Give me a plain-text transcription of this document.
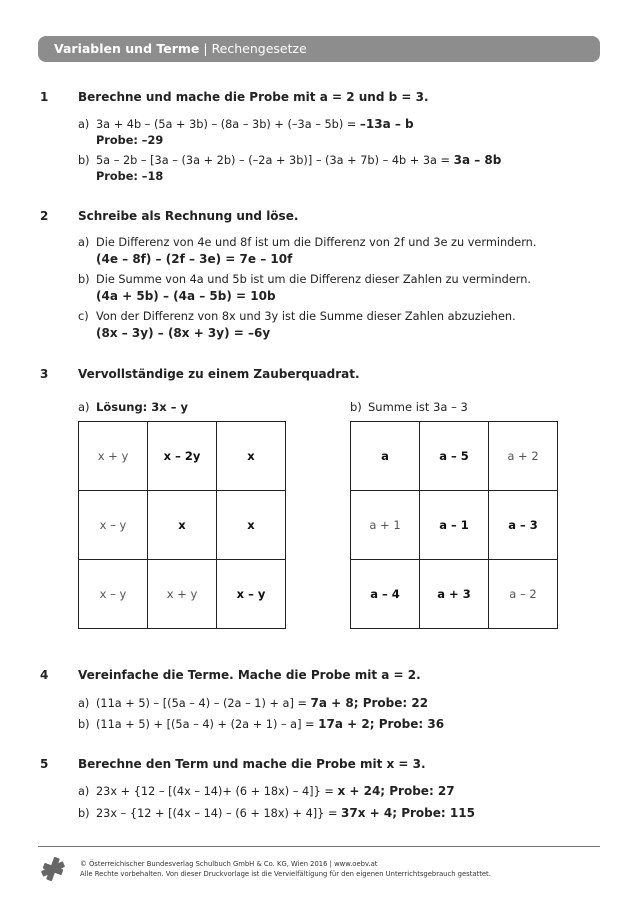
Variablen und Terme | Rechengesetze
1 Berechne und mache die Probe mit a = 2 und b = 3.
a) 3a + 4b – (5a + 3b) – (8a – 3b) + (–3a – 5b) = –13a – b
Probe: –29
b) 5a – 2b – [3a – (3a + 2b) – (–2a + 3b)] – (3a + 7b) – 4b + 3a = 3a – 8b
Probe: –18
2 Schreibe als Rechnung und löse.
a) Die Differenz von 4e und 8f ist um die Differenz von 2f und 3e zu vermindern.
(4e – 8f) – (2f – 3e) = 7e – 10f
b) Die Summe von 4a und 5b ist um die Differenz dieser Zahlen zu vermindern.
(4a + 5b) – (4a – 5b) = 10b
c) Von der Differenz von 8x und 3y ist die Summe dieser Zahlen abzuziehen.
(8x – 3y) – (8x + 3y) = –6y
3 Vervollständige zu einem Zauberquadrat.
a) Lösung: 3x – y	b) Summe ist 3a – 3
x + y	x – 2y	x
x – y	x	x
x – y	x + y	x – y
a	a – 5	a + 2
a + 1	a – 1	a – 3
a – 4	a + 3	a – 2
4 Vereinfache die Terme. Mache die Probe mit a = 2.
a) (11a + 5) – [(5a – 4) – (2a – 1) + a] = 7a + 8; Probe: 22
b) (11a + 5) + [(5a – 4) + (2a + 1) – a] = 17a + 2; Probe: 36
5 Berechne den Term und mache die Probe mit x = 3.
a) 23x + {12 – [(4x – 14)+ (6 + 18x) – 4]} = x + 24; Probe: 27
b) 23x – {12 + [(4x – 14) – (6 + 18x) + 4]} = 37x + 4; Probe: 115
© Österreichischer Bundesverlag Schulbuch GmbH & Co. KG, Wien 2016 | www.oebv.at
Alle Rechte vorbehalten. Von dieser Druckvorlage ist die Vervielfältigung für den eigenen Unterrichtsgebrauch gestattet.
